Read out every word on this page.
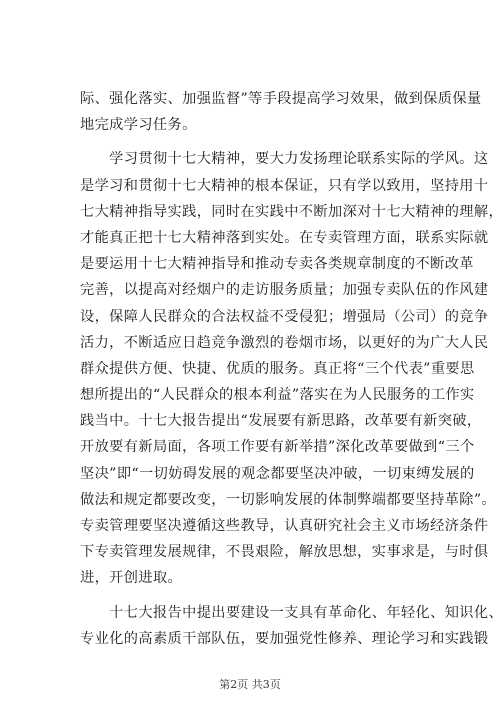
际、强化落实、加强监督”等手段提高学习效果，做到保质保量
地完成学习任务。
　　学习贯彻十七大精神，要大力发扬理论联系实际的学风。这
是学习和贯彻十七大精神的根本保证，只有学以致用，坚持用十
七大精神指导实践，同时在实践中不断加深对十七大精神的理解，
才能真正把十七大精神落到实处。在专卖管理方面，联系实际就
是要运用十七大精神指导和推动专卖各类规章制度的不断改革
完善，以提高对经烟户的走访服务质量；加强专卖队伍的作风建
设，保障人民群众的合法权益不受侵犯；增强局（公司）的竞争
活力，不断适应日趋竞争激烈的卷烟市场，以更好的为广大人民
群众提供方便、快捷、优质的服务。真正将“三个代表”重要思
想所提出的“人民群众的根本利益”落实在为人民服务的工作实
践当中。十七大报告提出“发展要有新思路，改革要有新突破，
开放要有新局面，各项工作要有新举措”深化改革要做到“三个
坚决”即“一切妨碍发展的观念都要坚决冲破，一切束缚发展的
做法和规定都要改变，一切影响发展的体制弊端都要坚持革除”。
专卖管理要坚决遵循这些教导，认真研究社会主义市场经济条件
下专卖管理发展规律，不畏艰险，解放思想，实事求是，与时俱
进，开创进取。
　　十七大报告中提出要建设一支具有革命化、年轻化、知识化、
专业化的高素质干部队伍，要加强党性修养、理论学习和实践锻
第2页 共3页
